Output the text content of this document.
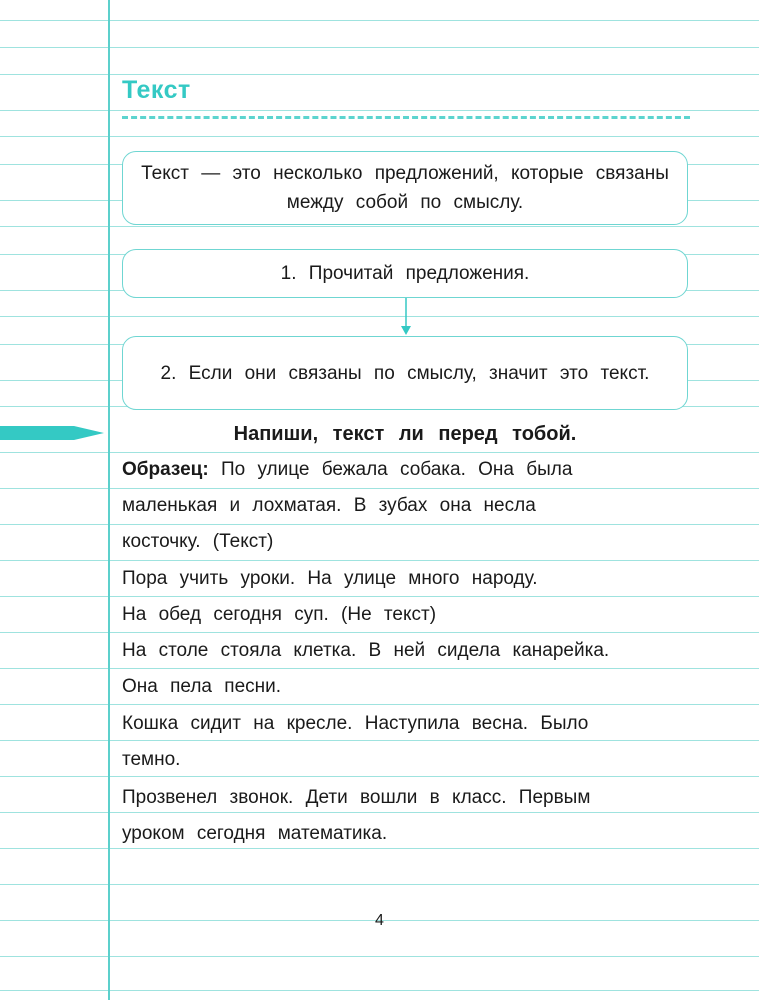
Текст
Текст — это несколько предложений, которые связаны между собой по смыслу.
1. Прочитай предложения.
2. Если они связаны по смыслу, значит это текст.

Напиши, текст ли перед тобой.

Образец: По улице бежала собака. Она была
маленькая и лохматая. В зубах она несла
косточку. (Текст)
Пора учить уроки. На улице много народу.
На обед сегодня суп. (Не текст)
На столе стояла клетка. В ней сидела канарейка.
Она пела песни.
Кошка сидит на кресле. Наступила весна. Было
темно.
Прозвенел звонок. Дети вошли в класс. Первым
уроком сегодня математика.
4
